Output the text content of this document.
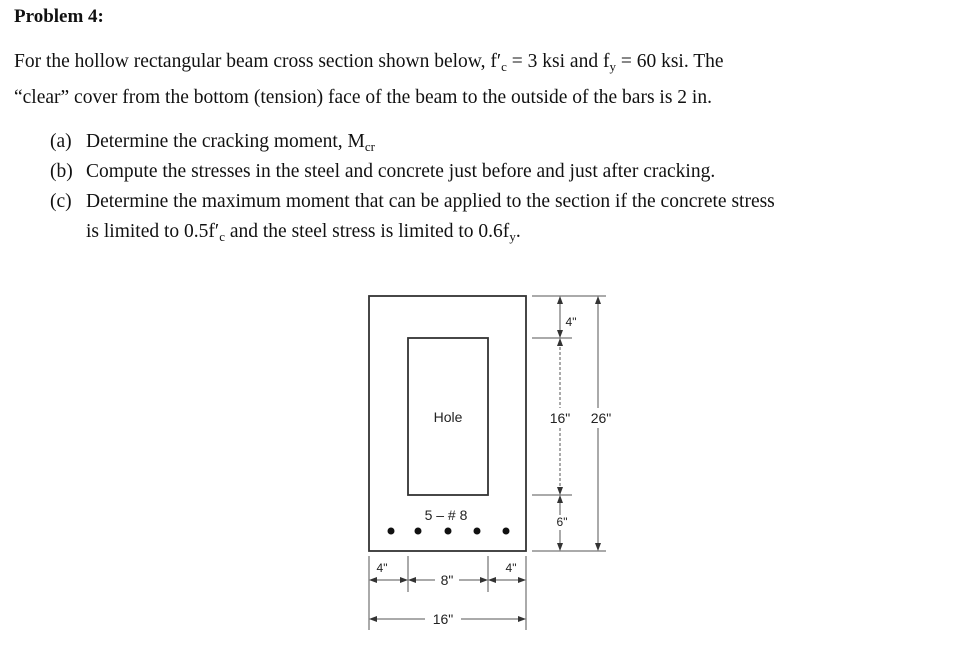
Problem 4:
For the hollow rectangular beam cross section shown below, $f'_c = 3$ ksi and $f_y = 60$ ksi. The
“clear” cover from the bottom (tension) face of the beam to the outside of the bars is 2 in.
(a) Determine the cracking moment, $M_{cr}$
(b) Compute the stresses in the steel and concrete just before and just after cracking.
(c) Determine the maximum moment that can be applied to the section if the concrete stress
is limited to $0.5f'_c$ and the steel stress is limited to $0.6f_y$.
Hole
5 – # 8
4"
16"
6"
26"
4"
8"
4"
16"
